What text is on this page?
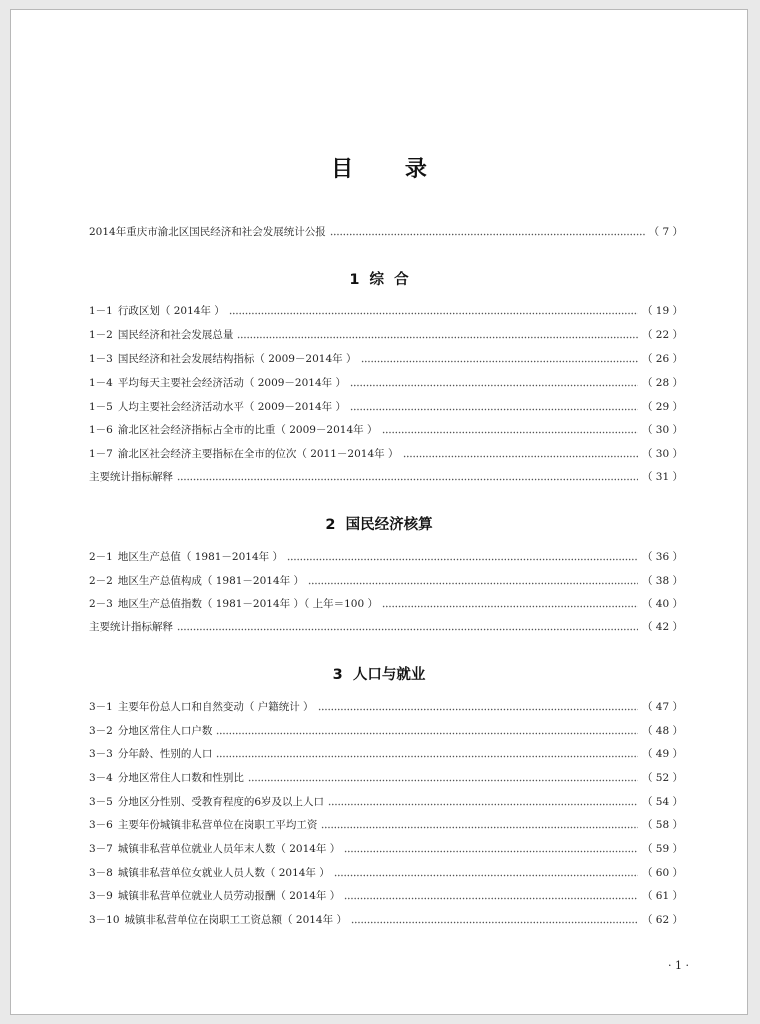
目 录
2014年重庆市渝北区国民经济和社会发展统计公报	（ 7 ）
1  综  合
1－1 行政区划（ 2014年 ）	（ 19 ）
1－2 国民经济和社会发展总量	（ 22 ）
1－3 国民经济和社会发展结构指标（ 2009－2014年 ）	（ 26 ）
1－4 平均每天主要社会经济活动（ 2009－2014年 ）	（ 28 ）
1－5 人均主要社会经济活动水平（ 2009－2014年 ）	（ 29 ）
1－6 渝北区社会经济指标占全市的比重（ 2009－2014年 ）	（ 30 ）
1－7 渝北区社会经济主要指标在全市的位次（ 2011－2014年 ）	（ 30 ）
主要统计指标解释	（ 31 ）
2  国民经济核算
2－1 地区生产总值（ 1981－2014年 ）	（ 36 ）
2－2 地区生产总值构成（ 1981－2014年 ）	（ 38 ）
2－3 地区生产总值指数（ 1981－2014年 ）（ 上年＝100 ）	（ 40 ）
主要统计指标解释	（ 42 ）
3  人口与就业
3－1 主要年份总人口和自然变动（ 户籍统计 ）	（ 47 ）
3－2 分地区常住人口户数	（ 48 ）
3－3 分年龄、性别的人口	（ 49 ）
3－4 分地区常住人口数和性别比	（ 52 ）
3－5 分地区分性别、受教育程度的6岁及以上人口	（ 54 ）
3－6 主要年份城镇非私营单位在岗职工平均工资	（ 58 ）
3－7 城镇非私营单位就业人员年末人数（ 2014年 ）	（ 59 ）
3－8 城镇非私营单位女就业人员人数（ 2014年 ）	（ 60 ）
3－9 城镇非私营单位就业人员劳动报酬（ 2014年 ）	（ 61 ）
3－10 城镇非私营单位在岗职工工资总额（ 2014年 ）	（ 62 ）
· 1 ·
